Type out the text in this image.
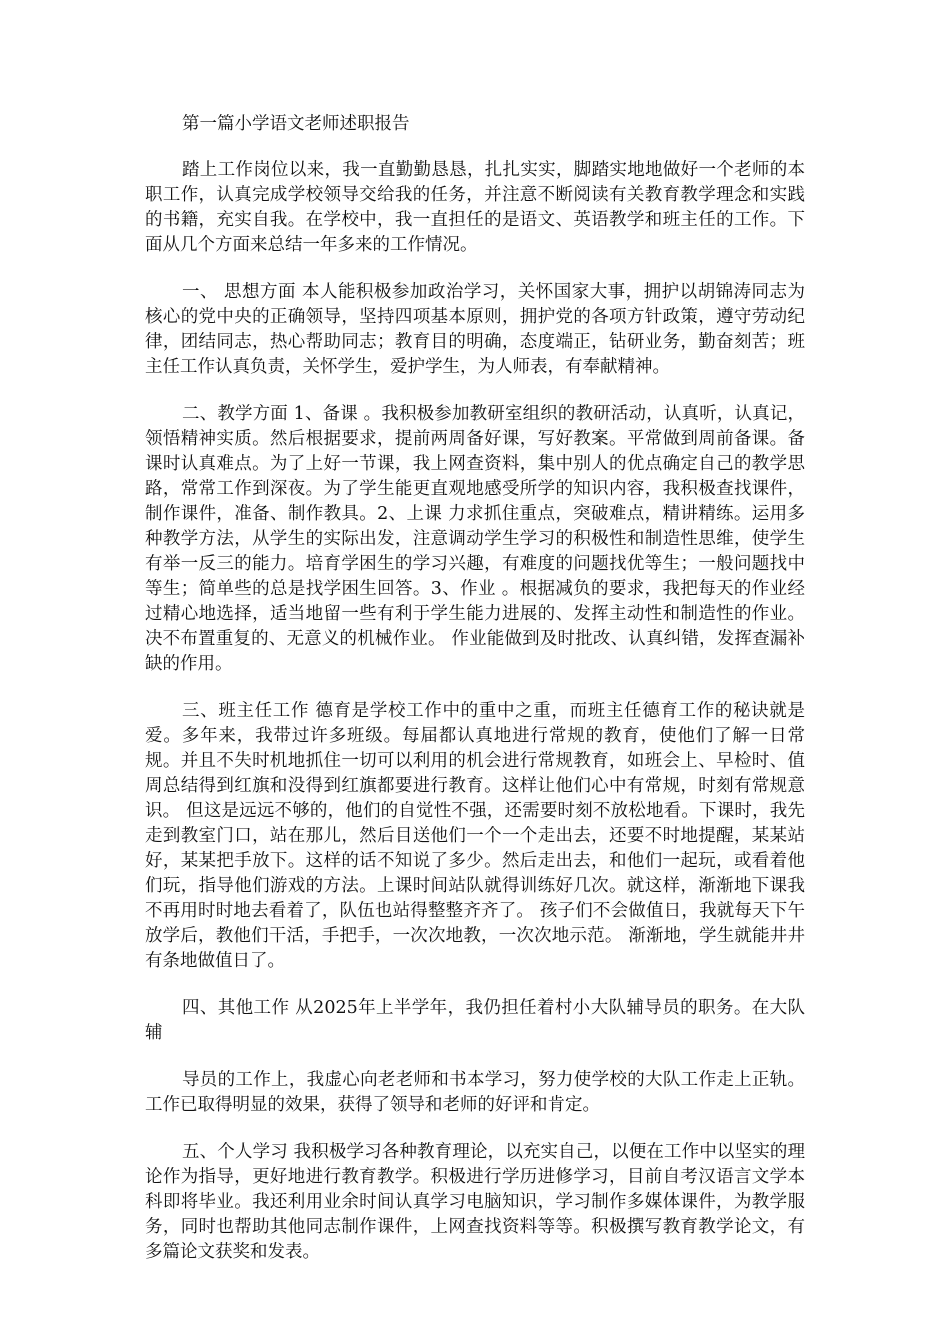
第一篇小学语文老师述职报告

踏上工作岗位以来，我一直勤勤恳恳，扎扎实实，脚踏实地地做好一个老师的本职工作，认真完成学校领导交给我的任务，并注意不断阅读有关教育教学理念和实践的书籍，充实自我。在学校中，我一直担任的是语文、英语教学和班主任的工作。下面从几个方面来总结一年多来的工作情况。

一、 思想方面 本人能积极参加政治学习，关怀国家大事，拥护以胡锦涛同志为核心的党中央的正确领导，坚持四项基本原则，拥护党的各项方针政策，遵守劳动纪律，团结同志，热心帮助同志；教育目的明确，态度端正，钻研业务，勤奋刻苦；班主任工作认真负责，关怀学生，爱护学生，为人师表，有奉献精神。

二、教学方面 1、备课 。我积极参加教研室组织的教研活动，认真听，认真记，领悟精神实质。然后根据要求，提前两周备好课，写好教案。平常做到周前备课。备课时认真难点。为了上好一节课，我上网查资料，集中别人的优点确定自己的教学思路，常常工作到深夜。为了学生能更直观地感受所学的知识内容，我积极查找课件，制作课件，准备、制作教具。2、上课 力求抓住重点，突破难点，精讲精练。运用多种教学方法，从学生的实际出发，注意调动学生学习的积极性和制造性思维，使学生有举一反三的能力。培育学困生的学习兴趣，有难度的问题找优等生；一般问题找中等生；简单些的总是找学困生回答。3、作业 。根据减负的要求，我把每天的作业经过精心地选择，适当地留一些有利于学生能力进展的、发挥主动性和制造性的作业。决不布置重复的、无意义的机械作业。 作业能做到及时批改、认真纠错，发挥查漏补缺的作用。

三、班主任工作 德育是学校工作中的重中之重，而班主任德育工作的秘诀就是爱。多年来，我带过许多班级。每届都认真地进行常规的教育，使他们了解一日常规。并且不失时机地抓住一切可以利用的机会进行常规教育，如班会上、早检时、值周总结得到红旗和没得到红旗都要进行教育。这样让他们心中有常规，时刻有常规意识。 但这是远远不够的，他们的自觉性不强，还需要时刻不放松地看。下课时，我先走到教室门口，站在那儿，然后目送他们一个一个走出去，还要不时地提醒，某某站好，某某把手放下。这样的话不知说了多少。然后走出去，和他们一起玩，或看着他们玩，指导他们游戏的方法。上课时间站队就得训练好几次。就这样，渐渐地下课我不再用时时地去看着了，队伍也站得整整齐齐了。 孩子们不会做值日，我就每天下午放学后，教他们干活，手把手，一次次地教，一次次地示范。 渐渐地，学生就能井井有条地做值日了。

四、其他工作 从2025年上半学年，我仍担任着村小大队辅导员的职务。在大队辅

导员的工作上，我虚心向老老师和书本学习，努力使学校的大队工作走上正轨。工作已取得明显的效果，获得了领导和老师的好评和肯定。

五、个人学习 我积极学习各种教育理论，以充实自己，以便在工作中以坚实的理论作为指导，更好地进行教育教学。积极进行学历进修学习，目前自考汉语言文学本科即将毕业。我还利用业余时间认真学习电脑知识，学习制作多媒体课件，为教学服务，同时也帮助其他同志制作课件，上网查找资料等等。积极撰写教育教学论文，有多篇论文获奖和发表。
